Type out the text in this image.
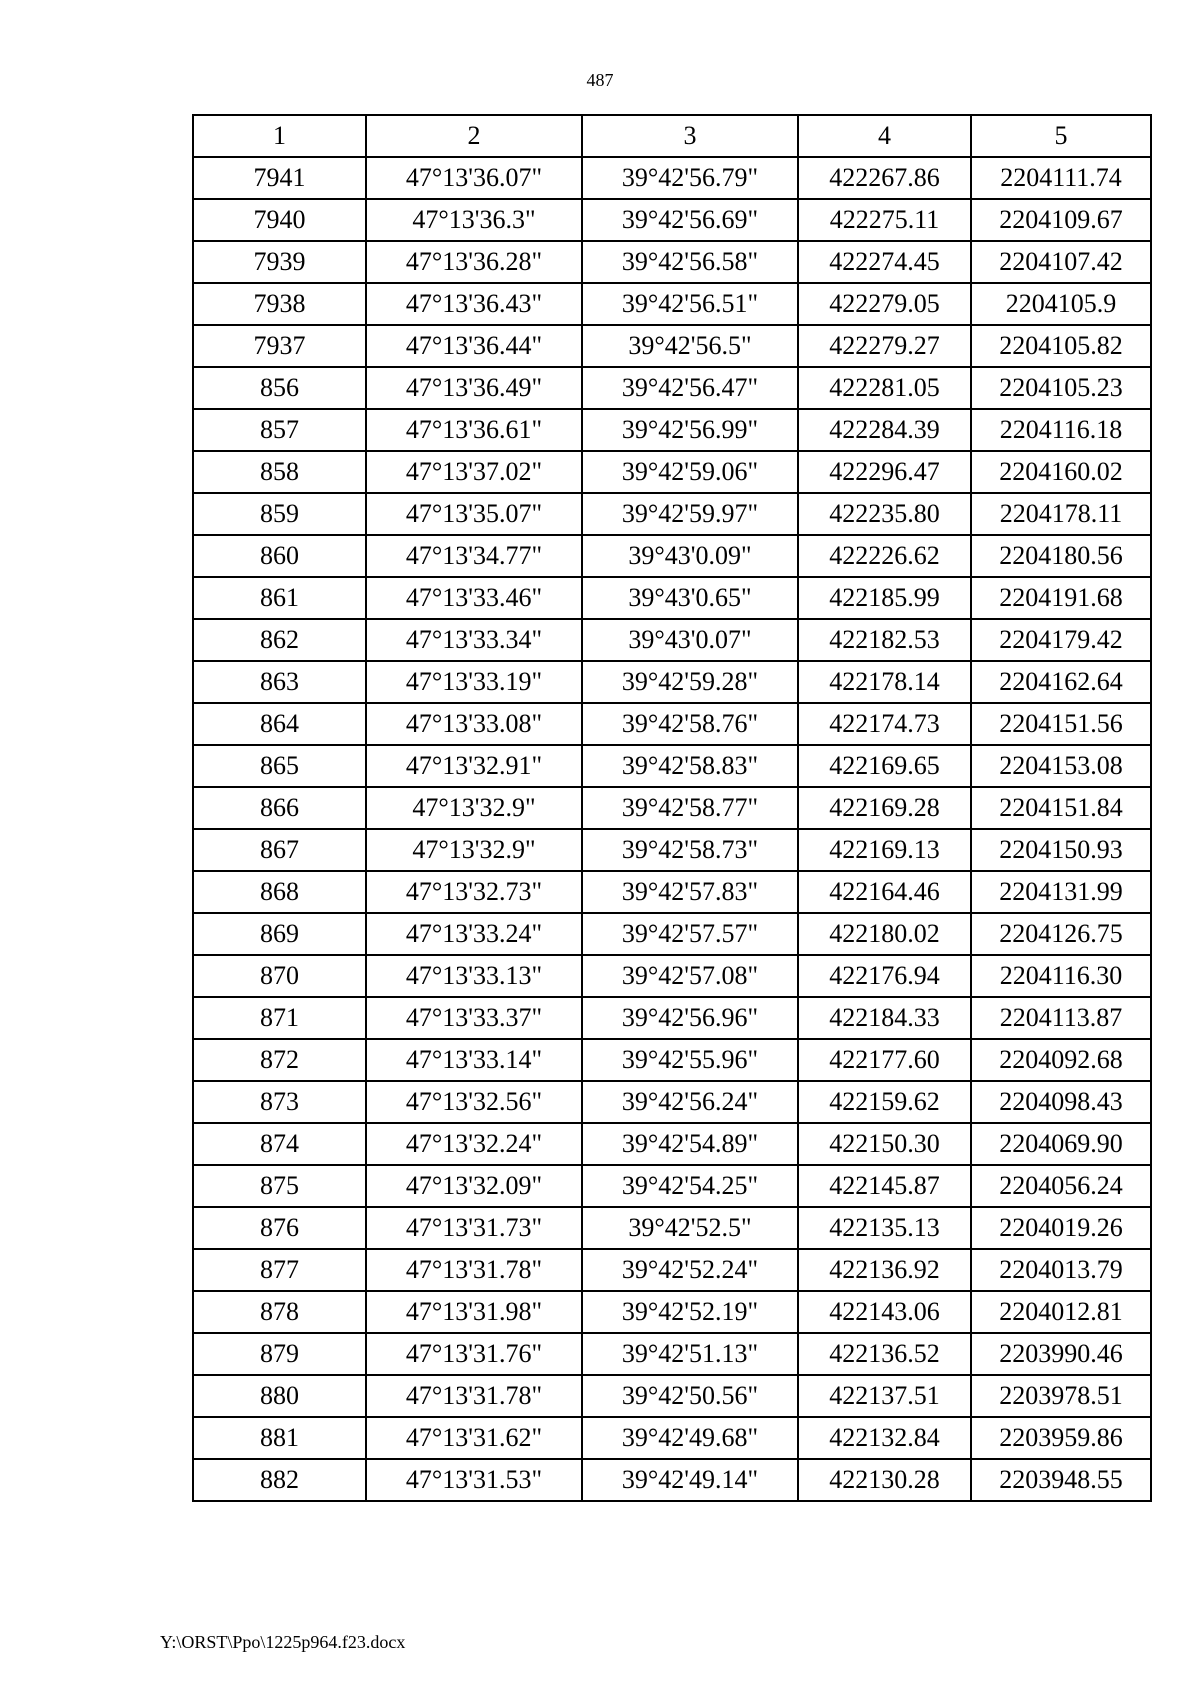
487
1	2	3	4	5
7941	47°13'36.07"	39°42'56.79"	422267.86	2204111.74
7940	47°13'36.3"	39°42'56.69"	422275.11	2204109.67
7939	47°13'36.28"	39°42'56.58"	422274.45	2204107.42
7938	47°13'36.43"	39°42'56.51"	422279.05	2204105.9
7937	47°13'36.44"	39°42'56.5"	422279.27	2204105.82
856	47°13'36.49"	39°42'56.47"	422281.05	2204105.23
857	47°13'36.61"	39°42'56.99"	422284.39	2204116.18
858	47°13'37.02"	39°42'59.06"	422296.47	2204160.02
859	47°13'35.07"	39°42'59.97"	422235.80	2204178.11
860	47°13'34.77"	39°43'0.09"	422226.62	2204180.56
861	47°13'33.46"	39°43'0.65"	422185.99	2204191.68
862	47°13'33.34"	39°43'0.07"	422182.53	2204179.42
863	47°13'33.19"	39°42'59.28"	422178.14	2204162.64
864	47°13'33.08"	39°42'58.76"	422174.73	2204151.56
865	47°13'32.91"	39°42'58.83"	422169.65	2204153.08
866	47°13'32.9"	39°42'58.77"	422169.28	2204151.84
867	47°13'32.9"	39°42'58.73"	422169.13	2204150.93
868	47°13'32.73"	39°42'57.83"	422164.46	2204131.99
869	47°13'33.24"	39°42'57.57"	422180.02	2204126.75
870	47°13'33.13"	39°42'57.08"	422176.94	2204116.30
871	47°13'33.37"	39°42'56.96"	422184.33	2204113.87
872	47°13'33.14"	39°42'55.96"	422177.60	2204092.68
873	47°13'32.56"	39°42'56.24"	422159.62	2204098.43
874	47°13'32.24"	39°42'54.89"	422150.30	2204069.90
875	47°13'32.09"	39°42'54.25"	422145.87	2204056.24
876	47°13'31.73"	39°42'52.5"	422135.13	2204019.26
877	47°13'31.78"	39°42'52.24"	422136.92	2204013.79
878	47°13'31.98"	39°42'52.19"	422143.06	2204012.81
879	47°13'31.76"	39°42'51.13"	422136.52	2203990.46
880	47°13'31.78"	39°42'50.56"	422137.51	2203978.51
881	47°13'31.62"	39°42'49.68"	422132.84	2203959.86
882	47°13'31.53"	39°42'49.14"	422130.28	2203948.55
Y:\ORST\Ppo\1225p964.f23.docx
